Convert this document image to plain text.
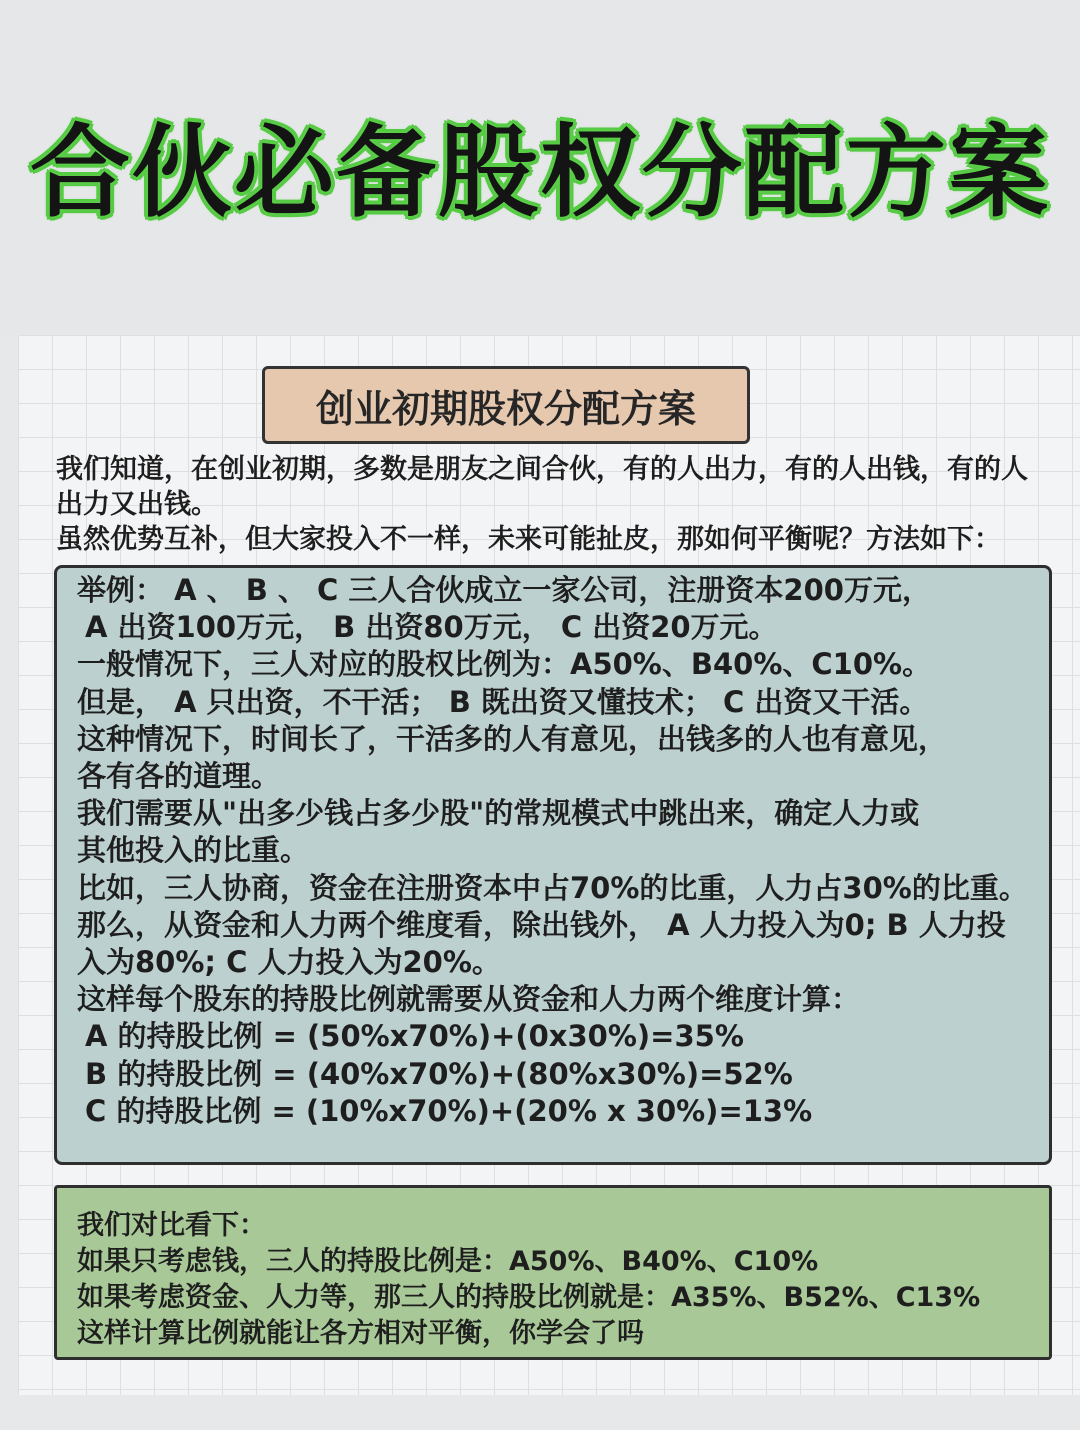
合伙必备股权分配方案
创业初期股权分配方案

我们知道，在创业初期，多数是朋友之间合伙，有的人出力，有的人出钱，有的人出力又出钱。

虽然优势互补，但大家投入不一样，未来可能扯皮，那如何平衡呢？方法如下：

举例： A 、 B 、 C 三人合伙成立一家公司，注册资本200万元，

A 出资100万元， B 出资80万元， C 出资20万元。

一般情况下，三人对应的股权比例为：A50%、B40%、C10%。

但是， A 只出资，不干活； B 既出资又懂技术； C 出资又干活。

这种情况下，时间长了，干活多的人有意见，出钱多的人也有意见，

各有各的道理。

我们需要从"出多少钱占多少股"的常规模式中跳出来，确定人力或

其他投入的比重。

比如，三人协商，资金在注册资本中占70%的比重，人力占30%的比重。

那么，从资金和人力两个维度看，除出钱外， A 人力投入为0; B 人力投入为80%; C 人力投入为20%。

这样每个股东的持股比例就需要从资金和人力两个维度计算：

A 的持股比例 = (50%x70%)+(0x30%)=35%

B 的持股比例 = (40%x70%)+(80%x30%)=52%

C 的持股比例 = (10%x70%)+(20% x 30%)=13%

我们对比看下：

如果只考虑钱，三人的持股比例是：A50%、B40%、C10%

如果考虑资金、人力等，那三人的持股比例就是：A35%、B52%、C13%

这样计算比例就能让各方相对平衡，你学会了吗
